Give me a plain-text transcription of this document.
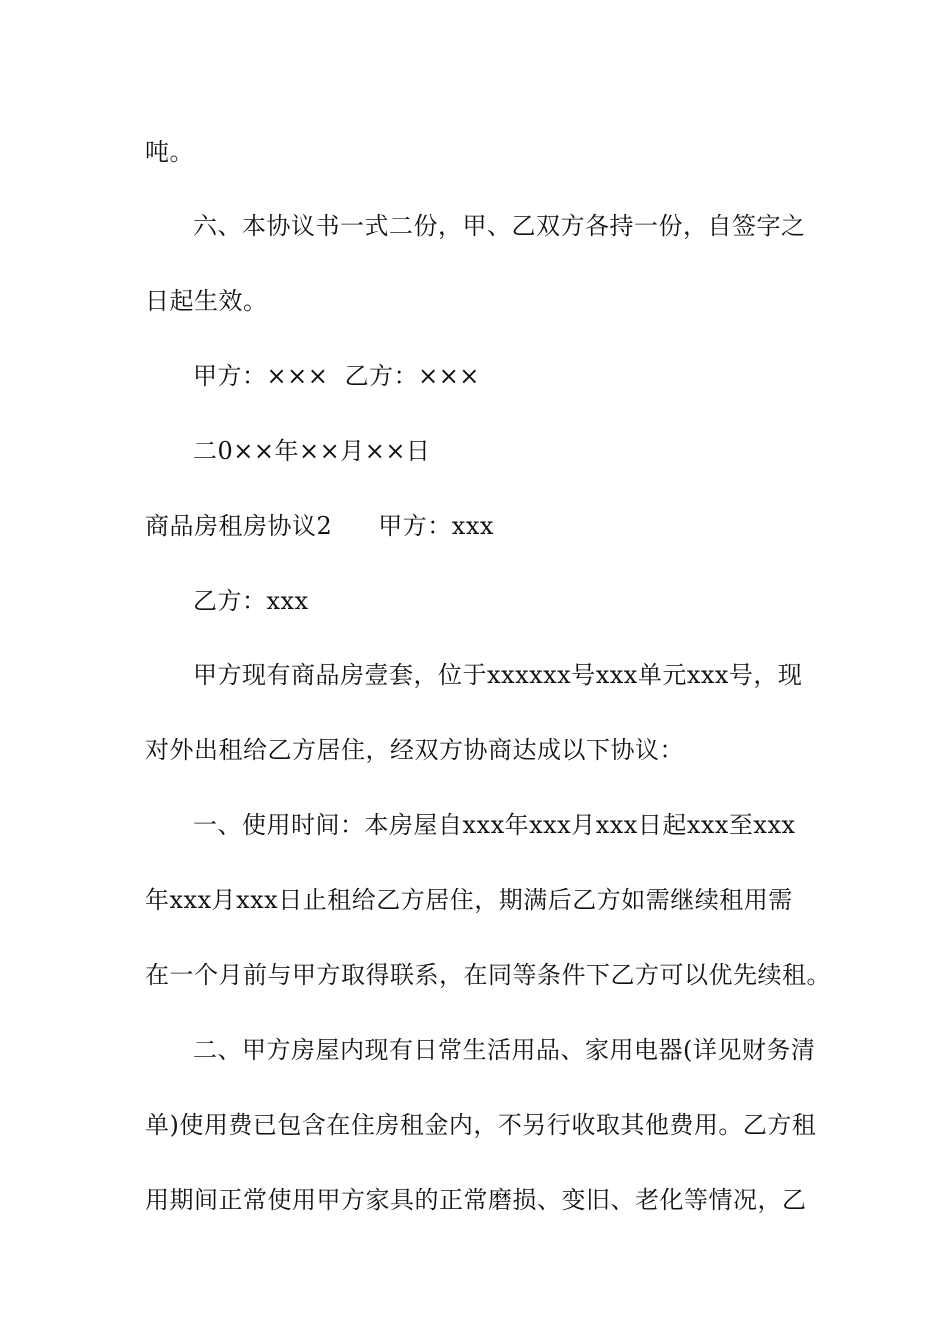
吨。
六、本协议书一式二份，甲、乙双方各持一份，自签字之
日起生效。
甲方：×××  乙方：×××
二0××年××月××日
商品房租房协议2 甲方：xxx
乙方：xxx
甲方现有商品房壹套，位于xxxxxx号xxx单元xxx号，现
对外出租给乙方居住，经双方协商达成以下协议：
一、使用时间：本房屋自xxx年xxx月xxx日起xxx至xxx
年xxx月xxx日止租给乙方居住，期满后乙方如需继续租用需
在一个月前与甲方取得联系，在同等条件下乙方可以优先续租。
二、甲方房屋内现有日常生活用品、家用电器(详见财务清
单)使用费已包含在住房租金内，不另行收取其他费用。乙方租
用期间正常使用甲方家具的正常磨损、变旧、老化等情况，乙
